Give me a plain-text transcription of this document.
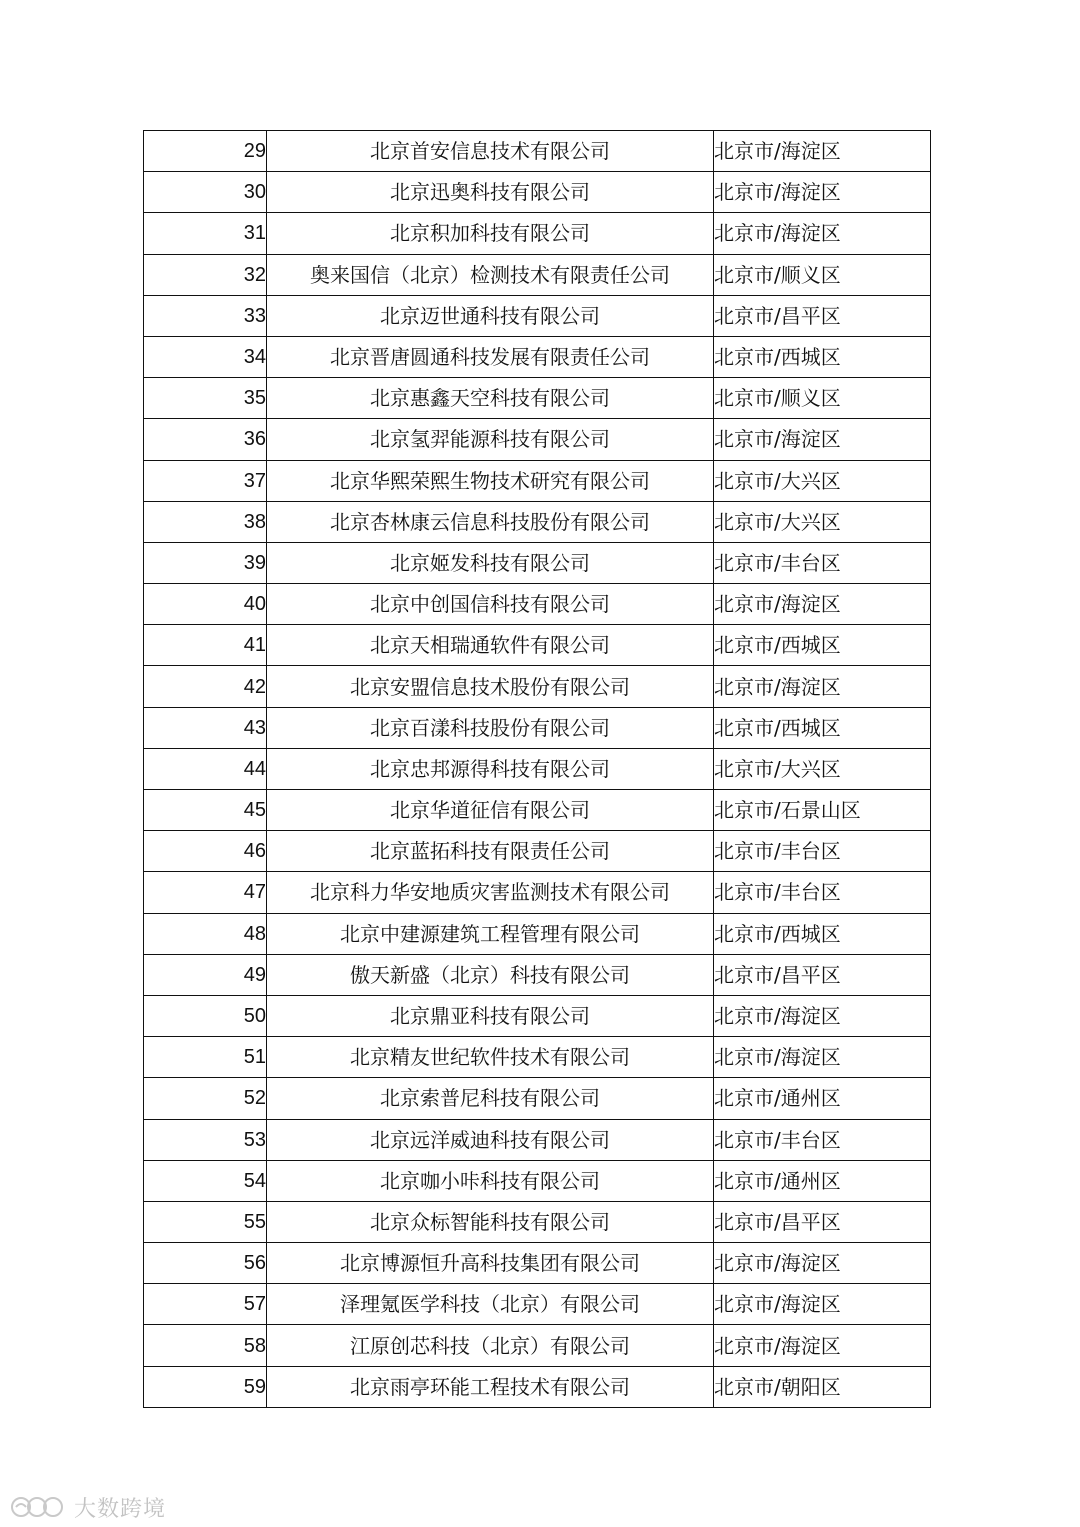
29	北京首安信息技术有限公司	北京市/海淀区
30	北京迅奥科技有限公司	北京市/海淀区
31	北京积加科技有限公司	北京市/海淀区
32	奥来国信（北京）检测技术有限责任公司	北京市/顺义区
33	北京迈世通科技有限公司	北京市/昌平区
34	北京晋唐圆通科技发展有限责任公司	北京市/西城区
35	北京惠鑫天空科技有限公司	北京市/顺义区
36	北京氢羿能源科技有限公司	北京市/海淀区
37	北京华熙荣熙生物技术研究有限公司	北京市/大兴区
38	北京杏林康云信息科技股份有限公司	北京市/大兴区
39	北京姬发科技有限公司	北京市/丰台区
40	北京中创国信科技有限公司	北京市/海淀区
41	北京天相瑞通软件有限公司	北京市/西城区
42	北京安盟信息技术股份有限公司	北京市/海淀区
43	北京百漾科技股份有限公司	北京市/西城区
44	北京忠邦源得科技有限公司	北京市/大兴区
45	北京华道征信有限公司	北京市/石景山区
46	北京蓝拓科技有限责任公司	北京市/丰台区
47	北京科力华安地质灾害监测技术有限公司	北京市/丰台区
48	北京中建源建筑工程管理有限公司	北京市/西城区
49	傲天新盛（北京）科技有限公司	北京市/昌平区
50	北京鼎亚科技有限公司	北京市/海淀区
51	北京精友世纪软件技术有限公司	北京市/海淀区
52	北京索普尼科技有限公司	北京市/通州区
53	北京远洋威迪科技有限公司	北京市/丰台区
54	北京咖小咔科技有限公司	北京市/通州区
55	北京众标智能科技有限公司	北京市/昌平区
56	北京博源恒升高科技集团有限公司	北京市/海淀区
57	泽理氪医学科技（北京）有限公司	北京市/海淀区
58	江原创芯科技（北京）有限公司	北京市/海淀区
59	北京雨亭环能工程技术有限公司	北京市/朝阳区
大数跨境
